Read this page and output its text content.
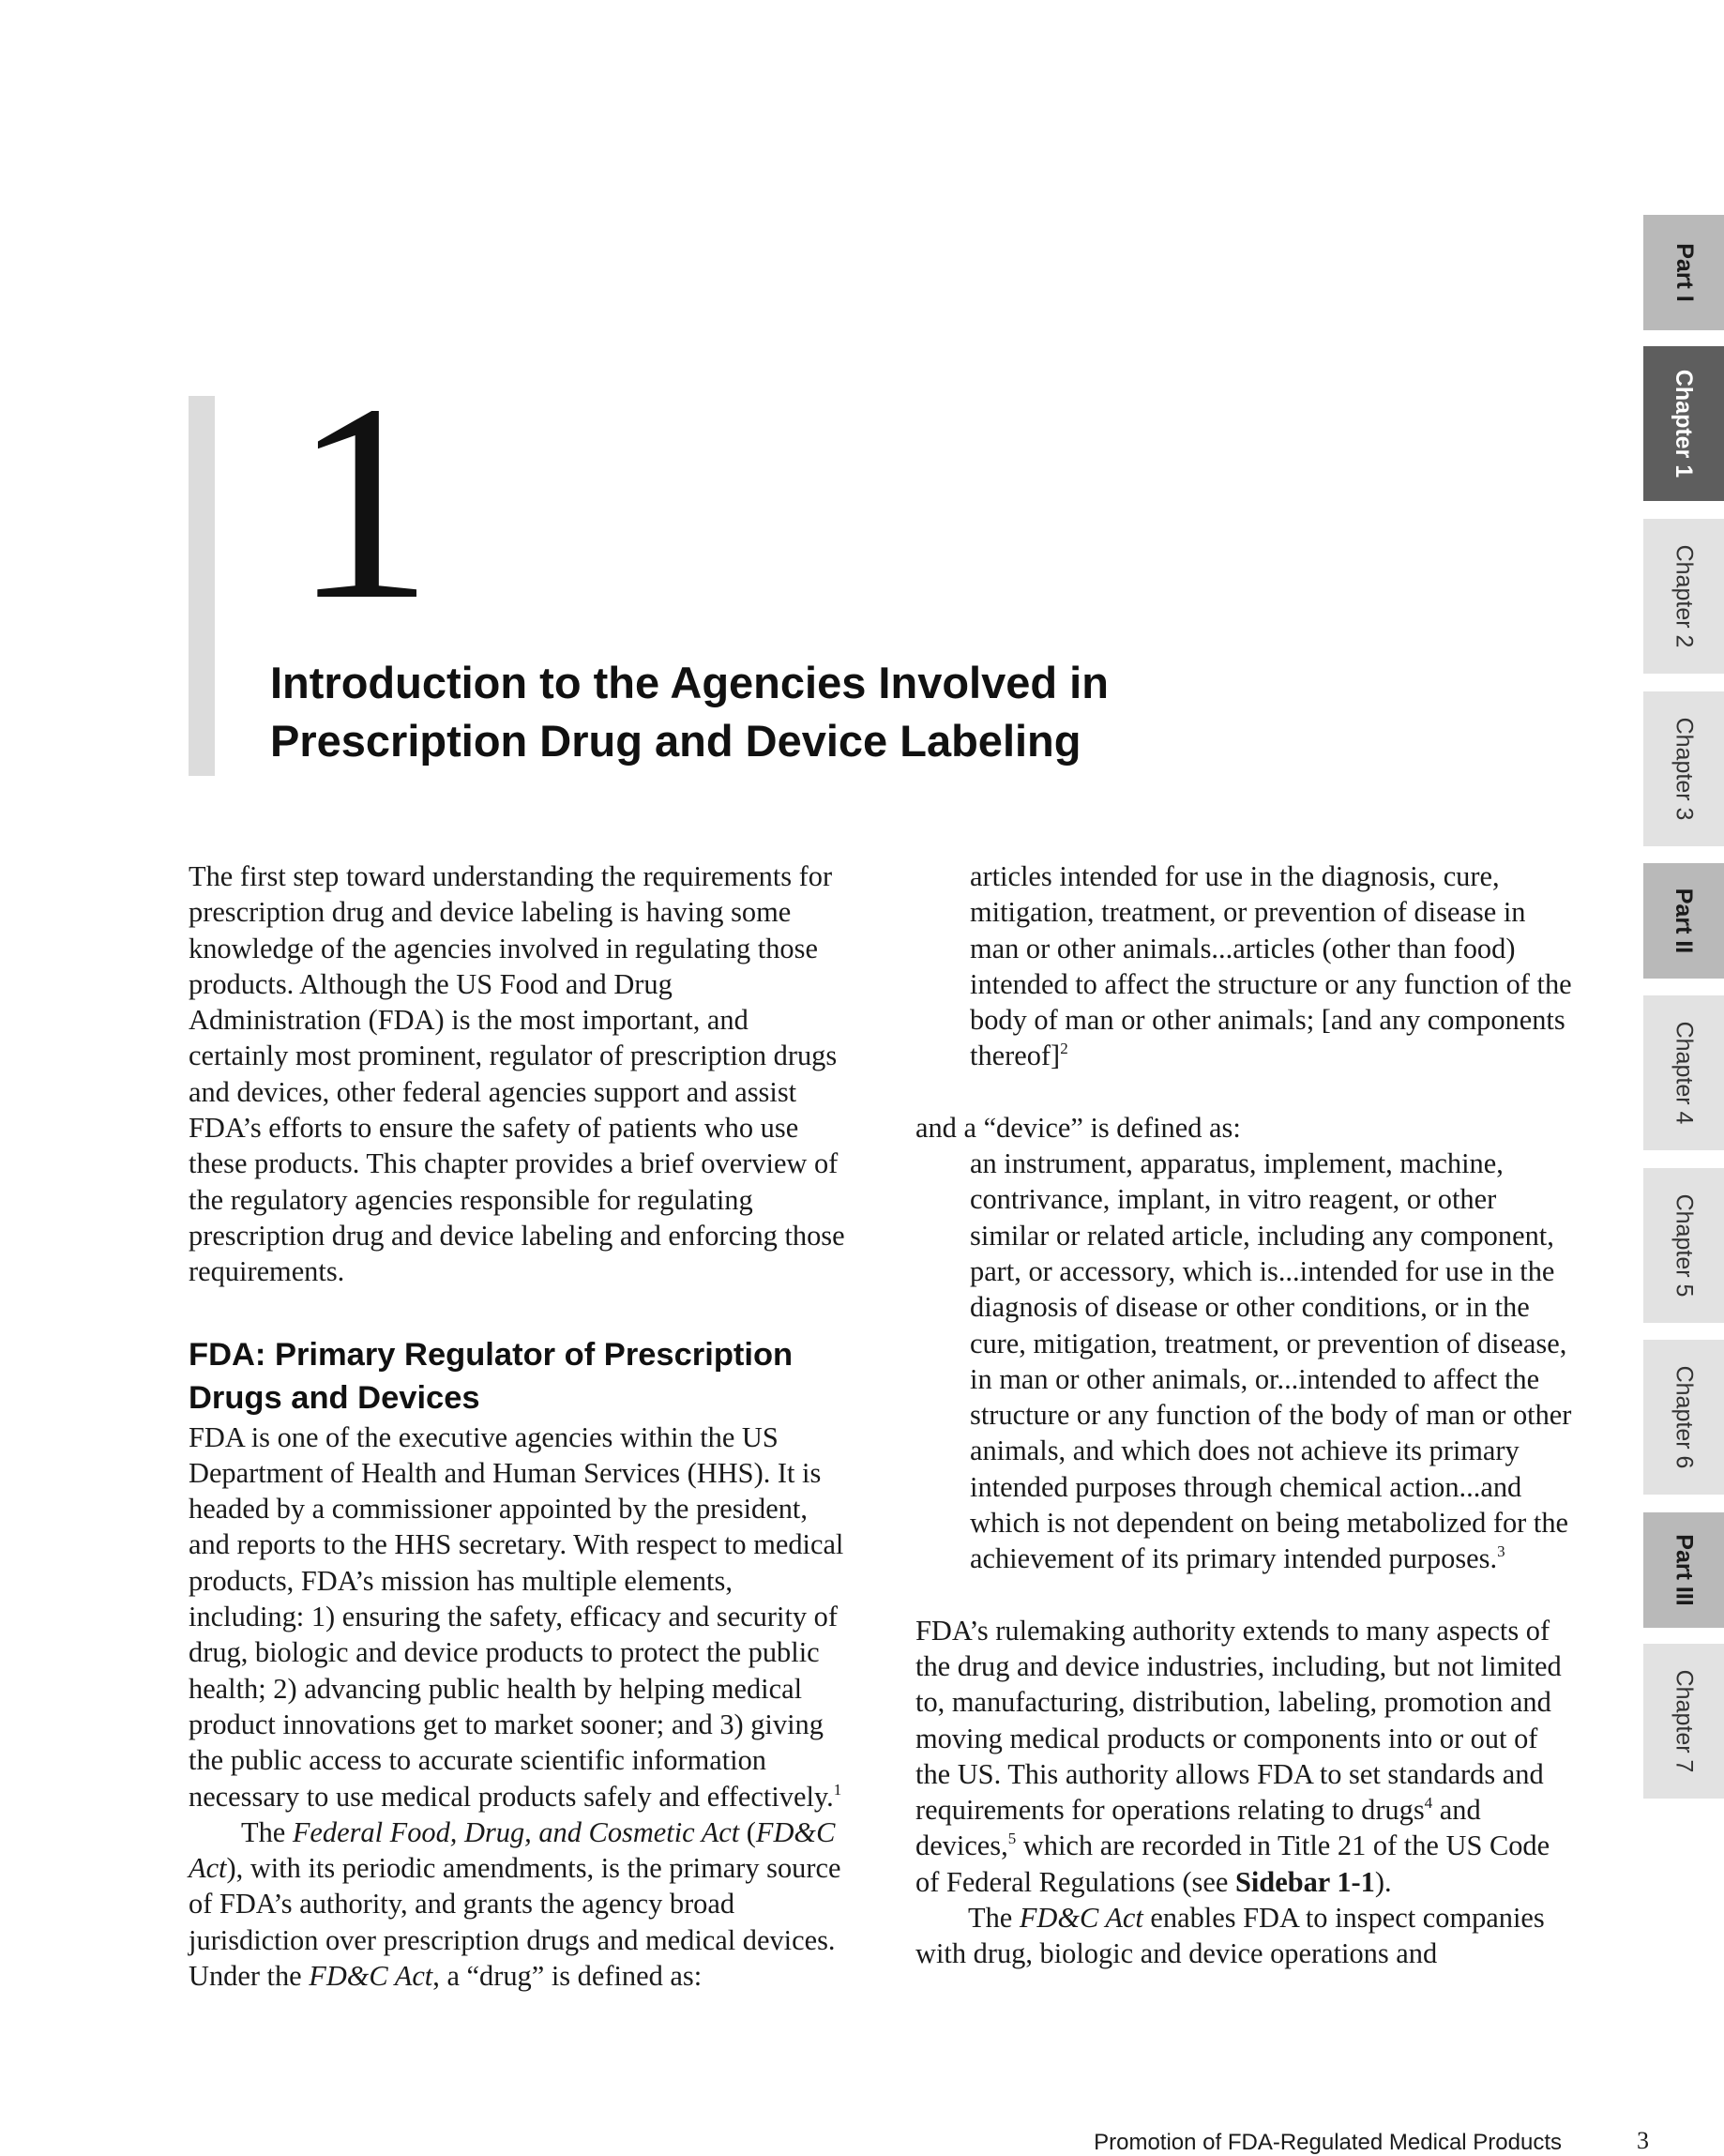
1
Introduction to the Agencies Involved in
Prescription Drug and Device Labeling

The first step toward understanding the requirements for prescription drug and device labeling is having some knowledge of the agencies involved in regulating those products. Although the US Food and Drug Administration (FDA) is the most important, and certainly most prominent, regulator of prescription drugs and devices, other federal agencies support and assist FDA’s efforts to ensure the safety of patients who use these products. This chapter provides a brief overview of the regulatory agencies responsible for regulating prescription drug and device labeling and enforcing those requirements.

FDA: Primary Regulator of Prescription Drugs and Devices

FDA is one of the executive agencies within the US Department of Health and Human Services (HHS). It is headed by a commissioner appointed by the president, and reports to the HHS secretary. With respect to medical products, FDA’s mission has multiple elements, including: 1) ensuring the safety, efficacy and security of drug, biologic and device products to protect the public health; 2) advancing public health by helping medical product innovations get to market sooner; and 3) giving the public access to accurate scientific information necessary to use medical products safely and effectively.$^1$

The Federal Food, Drug, and Cosmetic Act (FD&C Act), with its periodic amendments, is the primary source of FDA’s authority, and grants the agency broad jurisdiction over prescription drugs and medical devices. Under the FD&C Act, a “drug” is defined as:

articles intended for use in the diagnosis, cure, mitigation, treatment, or prevention of disease in man or other animals...articles (other than food) intended to affect the structure or any function of the body of man or other animals; [and any components thereof]$^2$

and a “device” is defined as:

an instrument, apparatus, implement, machine, contrivance, implant, in vitro reagent, or other similar or related article, including any component, part, or accessory, which is...intended for use in the diagnosis of disease or other conditions, or in the cure, mitigation, treatment, or prevention of disease, in man or other animals, or...intended to affect the structure or any function of the body of man or other animals, and which does not achieve its primary intended purposes through chemical action...and which is not dependent on being metabolized for the achievement of its primary intended purposes.$^3$

FDA’s rulemaking authority extends to many aspects of the drug and device industries, including, but not limited to, manufacturing, distribution, labeling, promotion and moving medical products or components into or out of the US. This authority allows FDA to set standards and requirements for operations relating to drugs$^4$ and devices,$^5$ which are recorded in Title 21 of the US Code of Federal Regulations (see Sidebar 1-1).

The FD&C Act enables FDA to inspect companies with drug, biologic and device operations and

Part I
Chapter 1
Chapter 2
Chapter 3
Part II
Chapter 4
Chapter 5
Chapter 6
Part III
Chapter 7
Promotion of FDA-Regulated Medical Products	3
